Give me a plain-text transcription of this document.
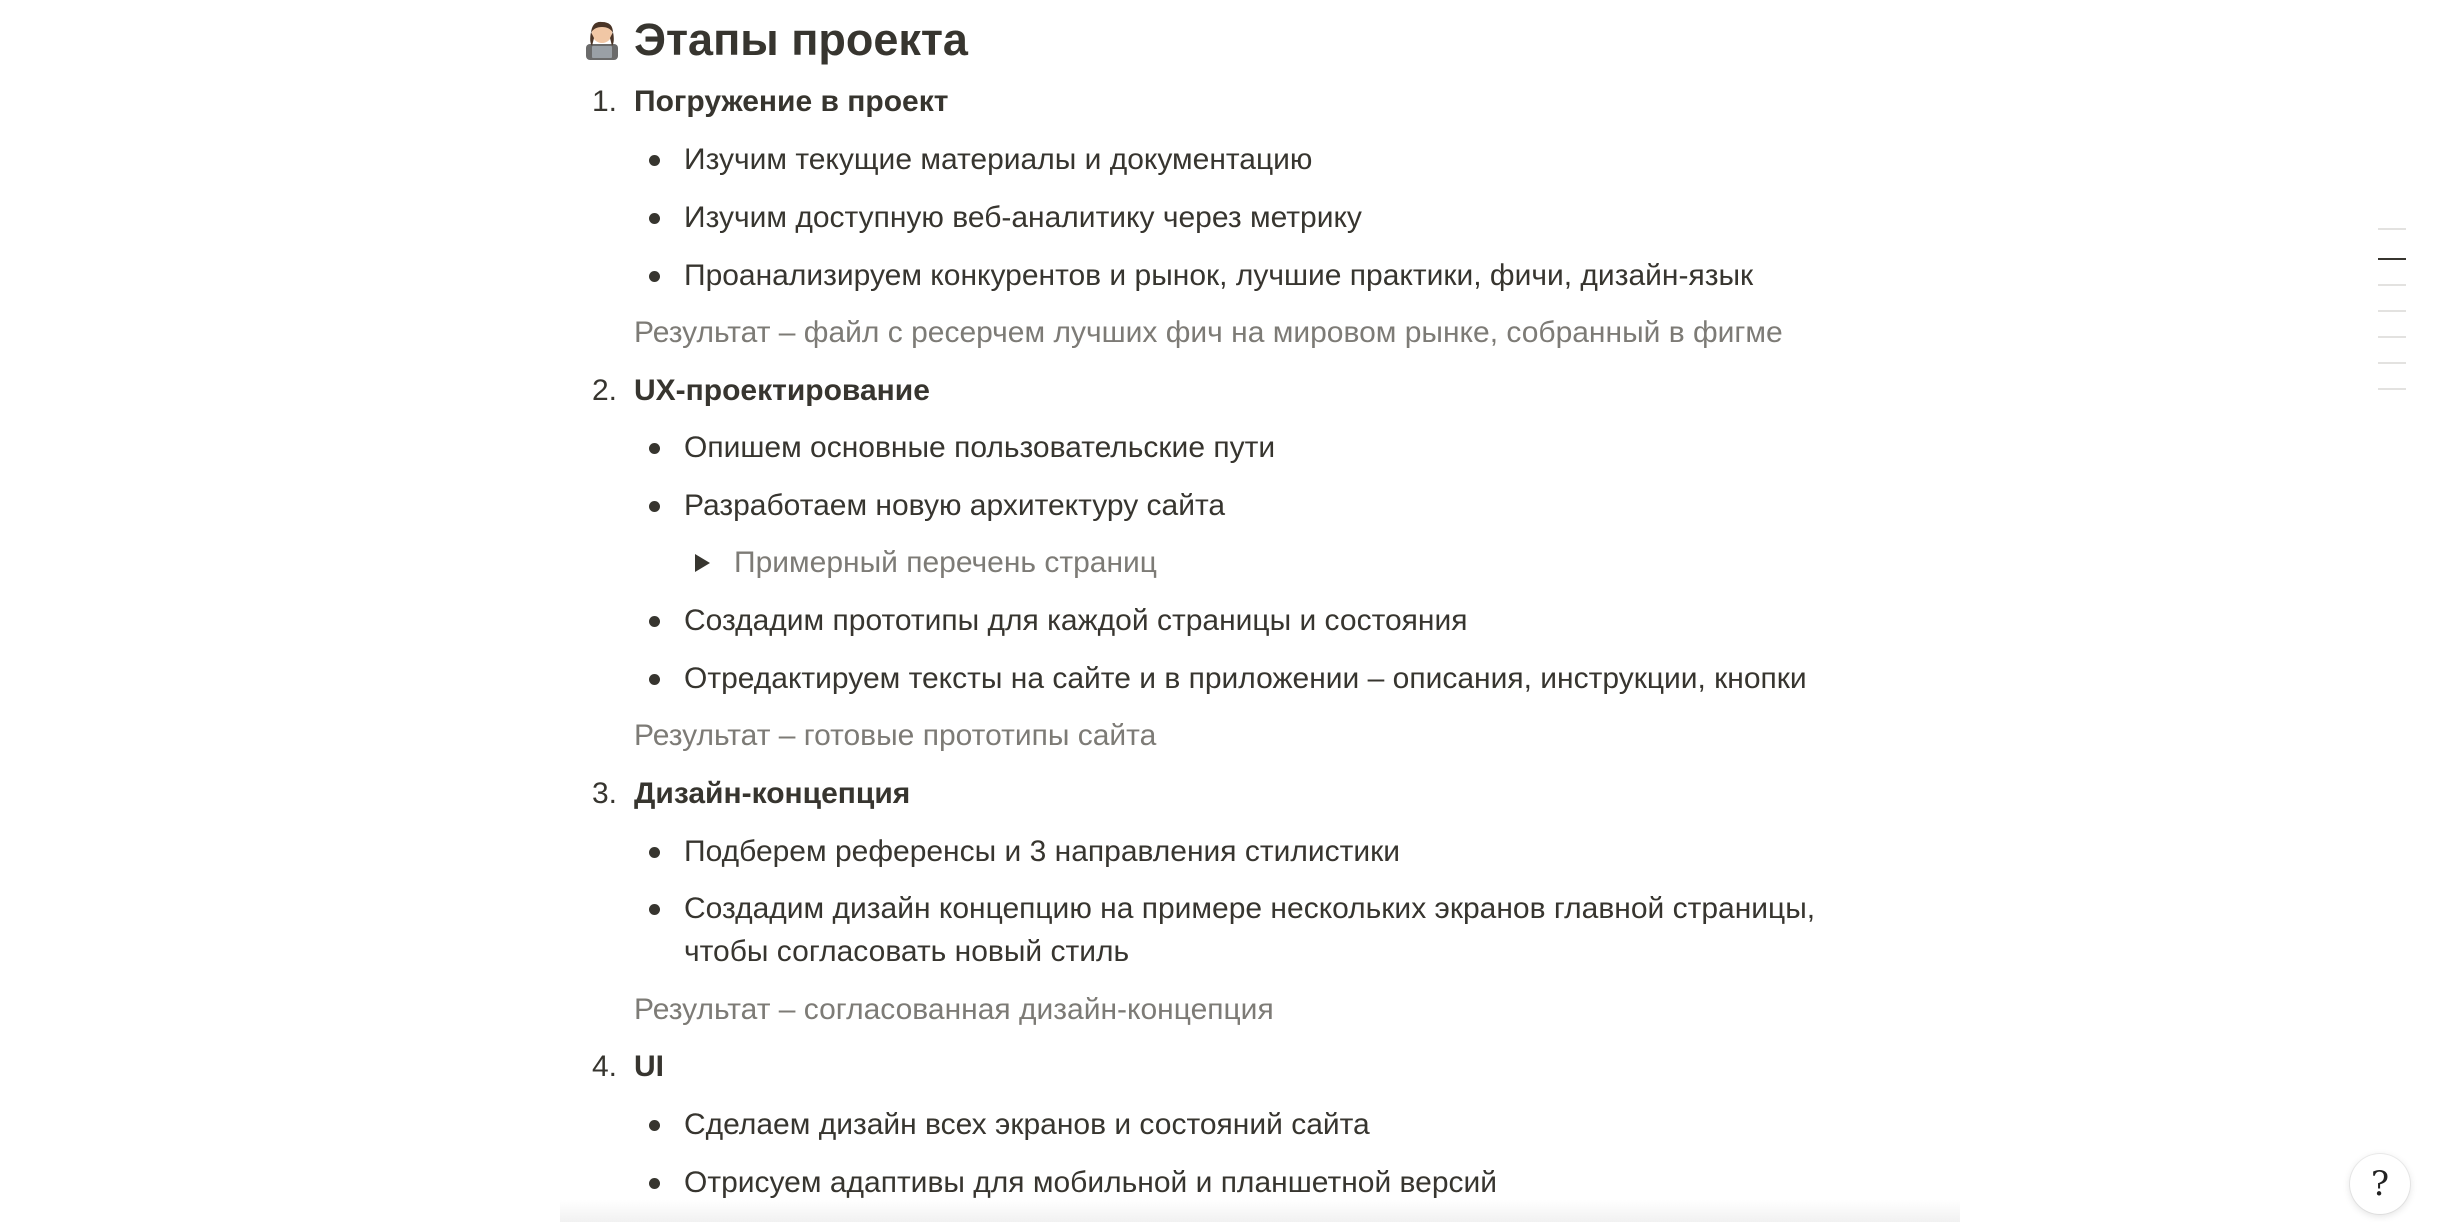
Этапы проекта
1. Погружение в проект
Изучим текущие материалы и документацию
Изучим доступную веб-аналитику через метрику
Проанализируем конкурентов и рынок, лучшие практики, фичи, дизайн-язык
Результат – файл с ресерчем лучших фич на мировом рынке, собранный в фигме
2. UX-проектирование
Опишем основные пользовательские пути
Разработаем новую архитектуру сайта
Примерный перечень страниц
Создадим прототипы для каждой страницы и состояния
Отредактируем тексты на сайте и в приложении – описания, инструкции, кнопки
Результат – готовые прототипы сайта
3. Дизайн-концепция
Подберем референсы и 3 направления стилистики
Создадим дизайн концепцию на примере нескольких экранов главной страницы,
чтобы согласовать новый стиль
Результат – согласованная дизайн-концепция
4. UI
Сделаем дизайн всех экранов и состояний сайта
Отрисуем адаптивы для мобильной и планшетной версий	?
